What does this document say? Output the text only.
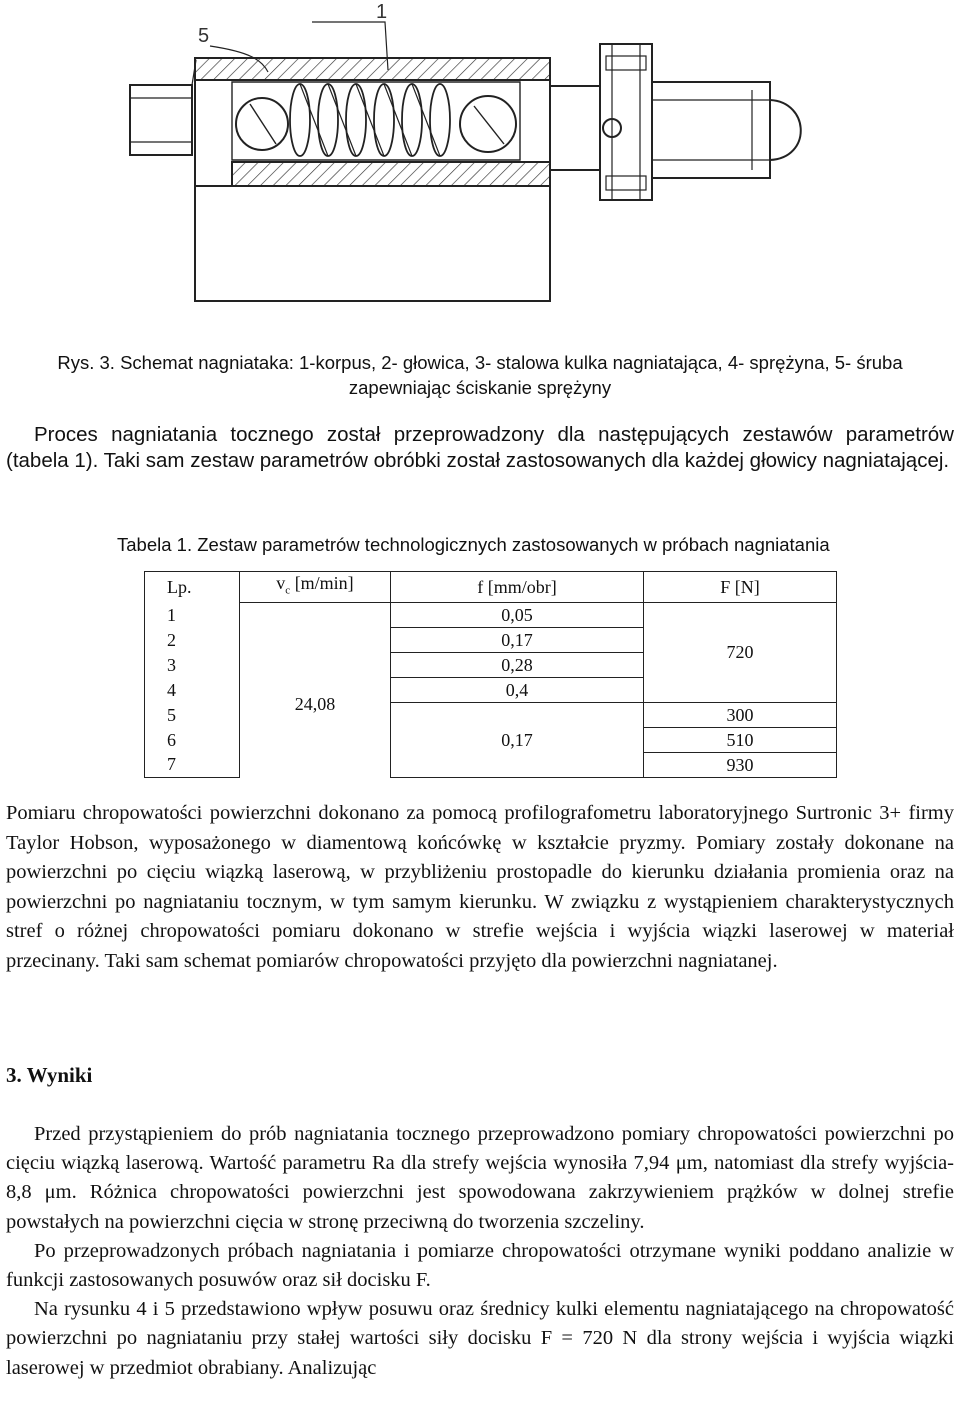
5
1
Rys. 3. Schemat nagniataka: 1-korpus, 2- głowica, 3- stalowa kulka nagniatająca, 4- sprężyna, 5- śruba
zapewniając ściskanie sprężyny

Proces nagniatania tocznego został przeprowadzony dla następujących zestawów parametrów (tabela 1). Taki sam zestaw parametrów obróbki został zastosowanych dla każdej głowicy nagniatającej.

Tabela 1. Zestaw parametrów technologicznych zastosowanych w próbach nagniatania
Lp.	$v_c$ [m/min]	f [mm/obr]	F [N]
1	24,08	0,05	720
2		0,17	
3		0,28	
4		0,4	
5		0,17	300
6			510
7			930

Pomiaru chropowatości powierzchni dokonano za pomocą profilografometru laboratoryjnego Surtronic 3+ firmy Taylor Hobson, wyposażonego w diamentową końcówkę w kształcie pryzmy. Pomiary zostały dokonane na powierzchni po cięciu wiązką laserową, w przybliżeniu prostopadle do kierunku działania promienia oraz na powierzchni po nagniataniu tocznym, w tym samym kierunku. W związku z wystąpieniem charakterystycznych stref o różnej chropowatości pomiaru dokonano w strefie wejścia i wyjścia wiązki laserowej w materiał przecinany. Taki sam schemat pomiarów chropowatości przyjęto dla powierzchni nagniatanej.

3. Wyniki

Przed przystąpieniem do prób nagniatania tocznego przeprowadzono pomiary chropowatości powierzchni po cięciu wiązką laserową. Wartość parametru Ra dla strefy wejścia wynosiła 7,94 μm, natomiast dla strefy wyjścia- 8,8 μm. Różnica chropowatości powierzchni jest spowodowana zakrzywieniem prążków w dolnej strefie powstałych na powierzchni cięcia w stronę przeciwną do tworzenia szczeliny.

Po przeprowadzonych próbach nagniatania i pomiarze chropowatości otrzymane wyniki poddano analizie w funkcji zastosowanych posuwów oraz sił docisku F.

Na rysunku 4 i 5 przedstawiono wpływ posuwu oraz średnicy kulki elementu nagniatającego na chropowatość powierzchni po nagniataniu przy stałej wartości siły docisku F = 720 N dla strony wejścia i wyjścia wiązki laserowej w przedmiot obrabiany. Analizując
